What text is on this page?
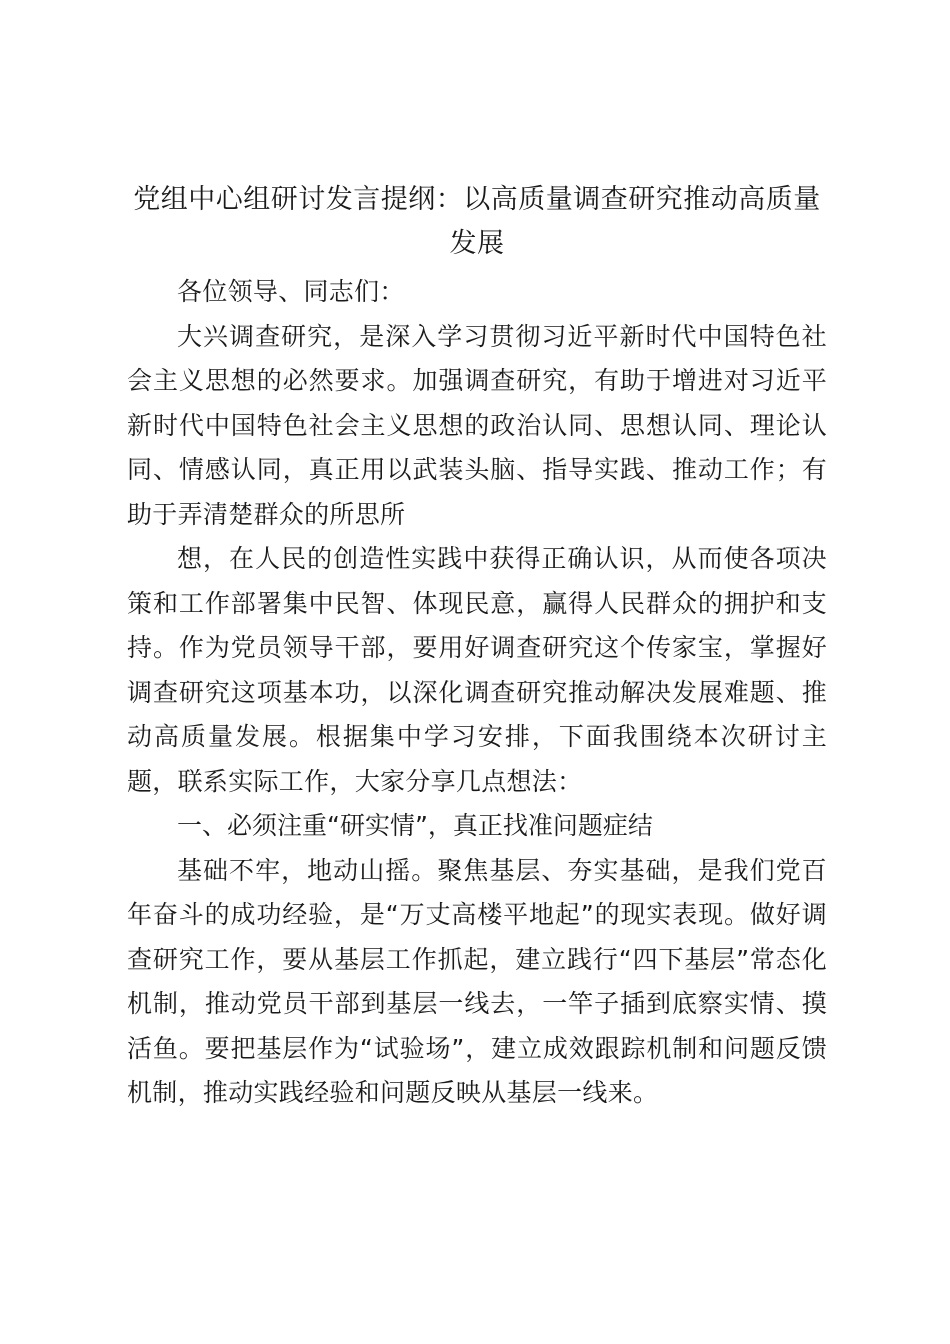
党组中心组研讨发言提纲：以高质量调查研究推动高质量发展

各位领导、同志们：

大兴调查研究，是深入学习贯彻习近平新时代中国特色社会主义思想的必然要求。加强调查研究，有助于增进对习近平新时代中国特色社会主义思想的政治认同、思想认同、理论认同、情感认同，真正用以武装头脑、指导实践、推动工作；有助于弄清楚群众的所思所

想，在人民的创造性实践中获得正确认识，从而使各项决策和工作部署集中民智、体现民意，赢得人民群众的拥护和支持。作为党员领导干部，要用好调查研究这个传家宝，掌握好调查研究这项基本功，以深化调查研究推动解决发展难题、推动高质量发展。根据集中学习安排，下面我围绕本次研讨主题，联系实际工作，大家分享几点想法：

一、必须注重“研实情”，真正找准问题症结

基础不牢，地动山摇。聚焦基层、夯实基础，是我们党百年奋斗的成功经验，是“万丈高楼平地起”的现实表现。做好调查研究工作，要从基层工作抓起，建立践行“四下基层”常态化机制，推动党员干部到基层一线去，一竿子插到底察实情、摸活鱼。要把基层作为“试验场”，建立成效跟踪机制和问题反馈机制，推动实践经验和问题反映从基层一线来。
